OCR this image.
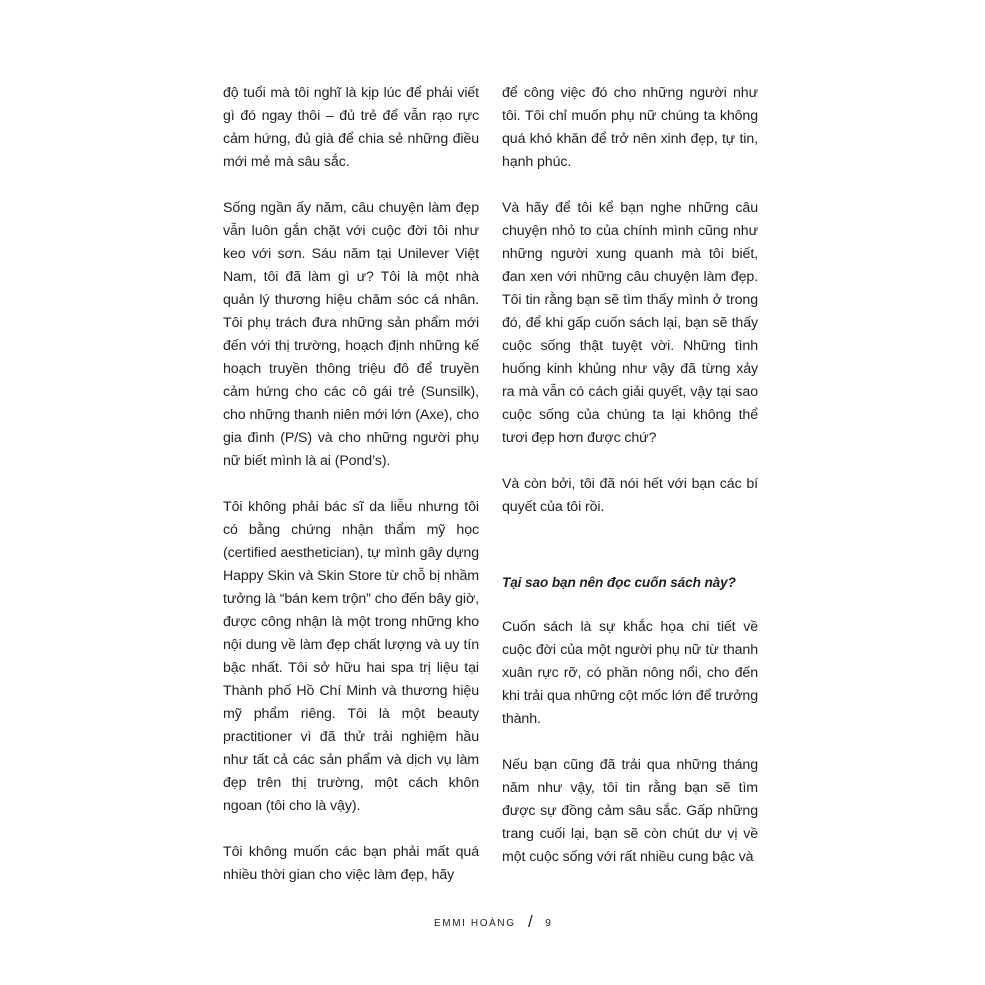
độ tuổi mà tôi nghĩ là kịp lúc để phải viết gì đó ngay thôi – đủ trẻ để vẫn rạo rực cảm hứng, đủ già để chia sẻ những điều mới mẻ mà sâu sắc.

Sống ngần ấy năm, câu chuyện làm đẹp vẫn luôn gắn chặt với cuộc đời tôi như keo với sơn. Sáu năm tại Unilever Việt Nam, tôi đã làm gì ư? Tôi là một nhà quản lý thương hiệu chăm sóc cá nhân. Tôi phụ trách đưa những sản phẩm mới đến với thị trường, hoạch định những kế hoạch truyền thông triệu đô để truyền cảm hứng cho các cô gái trẻ (Sunsilk), cho những thanh niên mới lớn (Axe), cho gia đình (P/S) và cho những người phụ nữ biết mình là ai (Pond’s).

Tôi không phải bác sĩ da liễu nhưng tôi có bằng chứng nhận thẩm mỹ học (certified aesthetician), tự mình gây dựng Happy Skin và Skin Store từ chỗ bị nhầm tưởng là “bán kem trộn” cho đến bây giờ, được công nhận là một trong những kho nội dung về làm đẹp chất lượng và uy tín bậc nhất. Tôi sở hữu hai spa trị liệu tại Thành phố Hồ Chí Minh và thương hiệu mỹ phẩm riêng. Tôi là một beauty practitioner vì đã thử trải nghiệm hầu như tất cả các sản phẩm và dịch vụ làm đẹp trên thị trường, một cách khôn ngoan (tôi cho là vậy).

Tôi không muốn các bạn phải mất quá nhiều thời gian cho việc làm đẹp, hãy

để công việc đó cho những người như tôi. Tôi chỉ muốn phụ nữ chúng ta không quá khó khăn để trở nên xinh đẹp, tự tin, hạnh phúc.

Và hãy để tôi kể bạn nghe những câu chuyện nhỏ to của chính mình cũng như những người xung quanh mà tôi biết, đan xen với những câu chuyện làm đẹp. Tôi tin rằng bạn sẽ tìm thấy mình ở trong đó, để khi gấp cuốn sách lại, bạn sẽ thấy cuộc sống thật tuyệt vời. Những tình huống kinh khủng như vậy đã từng xảy ra mà vẫn có cách giải quyết, vậy tại sao cuộc sống của chúng ta lại không thể tươi đẹp hơn được chứ?

Và còn bởi, tôi đã nói hết với bạn các bí quyết của tôi rồi.

Tại sao bạn nên đọc cuốn sách này?

Cuốn sách là sự khắc họa chi tiết về cuộc đời của một người phụ nữ từ thanh xuân rực rỡ, có phần nông nổi, cho đến khi trải qua những cột mốc lớn để trưởng thành.

Nếu bạn cũng đã trải qua những tháng năm như vậy, tôi tin rằng bạn sẽ tìm được sự đồng cảm sâu sắc. Gấp những trang cuối lại, bạn sẽ còn chút dư vị về một cuộc sống với rất nhiều cung bậc và

EMMI HOÀNG / 9
